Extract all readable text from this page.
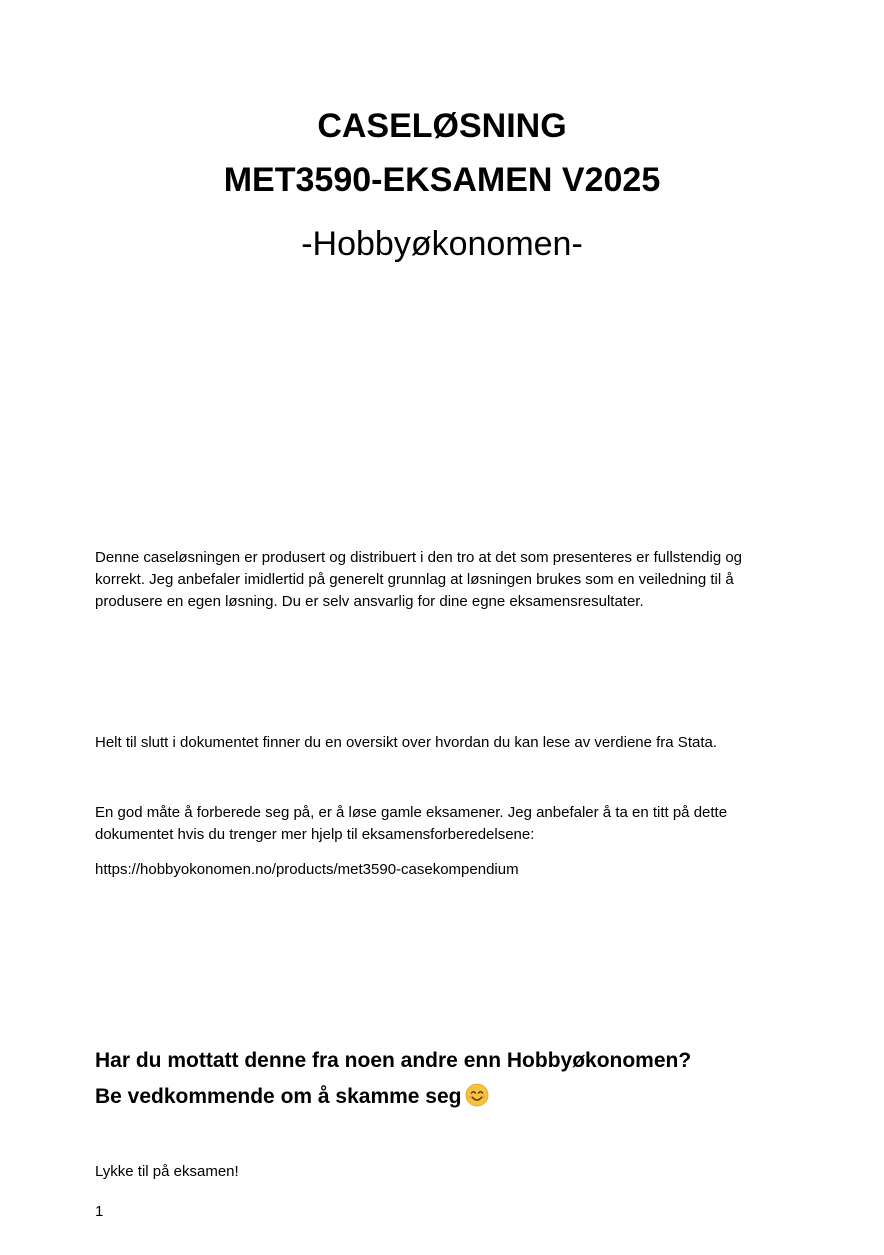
CASELØSNING
MET3590-EKSAMEN V2025
-Hobbyøkonomen-

Denne caseløsningen er produsert og distribuert i den tro at det som presenteres er fullstendig og korrekt. Jeg anbefaler imidlertid på generelt grunnlag at løsningen brukes som en veiledning til å produsere en egen løsning. Du er selv ansvarlig for dine egne eksamensresultater.

Helt til slutt i dokumentet finner du en oversikt over hvordan du kan lese av verdiene fra Stata.

En god måte å forberede seg på, er å løse gamle eksamener. Jeg anbefaler å ta en titt på dette dokumentet hvis du trenger mer hjelp til eksamensforberedelsene:

https://hobbyokonomen.no/products/met3590-casekompendium

Har du mottatt denne fra noen andre enn Hobbyøkonomen?

Be vedkommende om å skamme seg

Lykke til på eksamen!

1
